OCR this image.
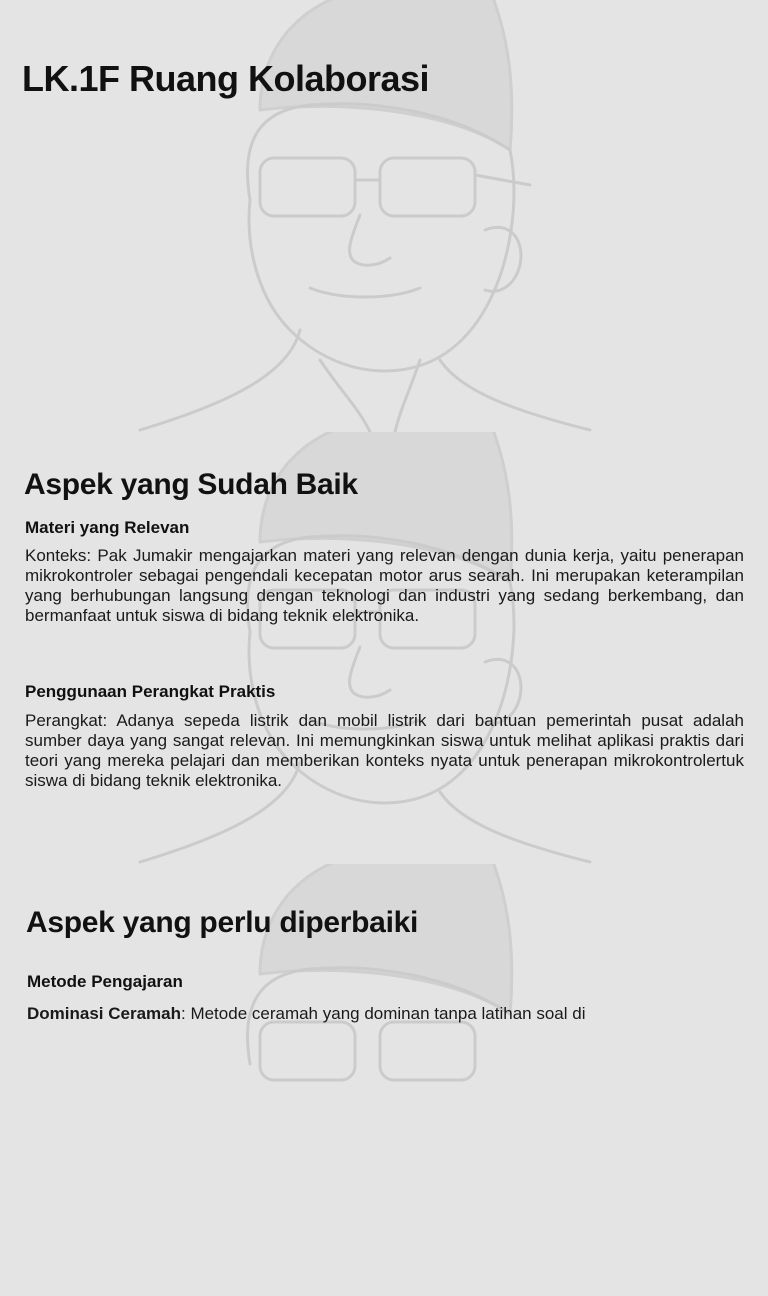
LK.1F Ruang Kolaborasi
Aspek yang Sudah Baik
Materi yang Relevan

Konteks: Pak Jumakir mengajarkan materi yang relevan dengan dunia kerja, yaitu penerapan mikrokontroler sebagai pengendali kecepatan motor arus searah. Ini merupakan keterampilan yang berhubungan langsung dengan teknologi dan industri yang sedang berkembang, dan bermanfaat untuk siswa di bidang teknik elektronika.

Penggunaan Perangkat Praktis

Perangkat: Adanya sepeda listrik dan mobil listrik dari bantuan pemerintah pusat adalah sumber daya yang sangat relevan. Ini memungkinkan siswa untuk melihat aplikasi praktis dari teori yang mereka pelajari dan memberikan konteks nyata untuk penerapan mikrokontrolertuk siswa di bidang teknik elektronika.

Aspek yang perlu diperbaiki
Metode Pengajaran

Dominasi Ceramah: Metode ceramah yang dominan tanpa latihan soal di
